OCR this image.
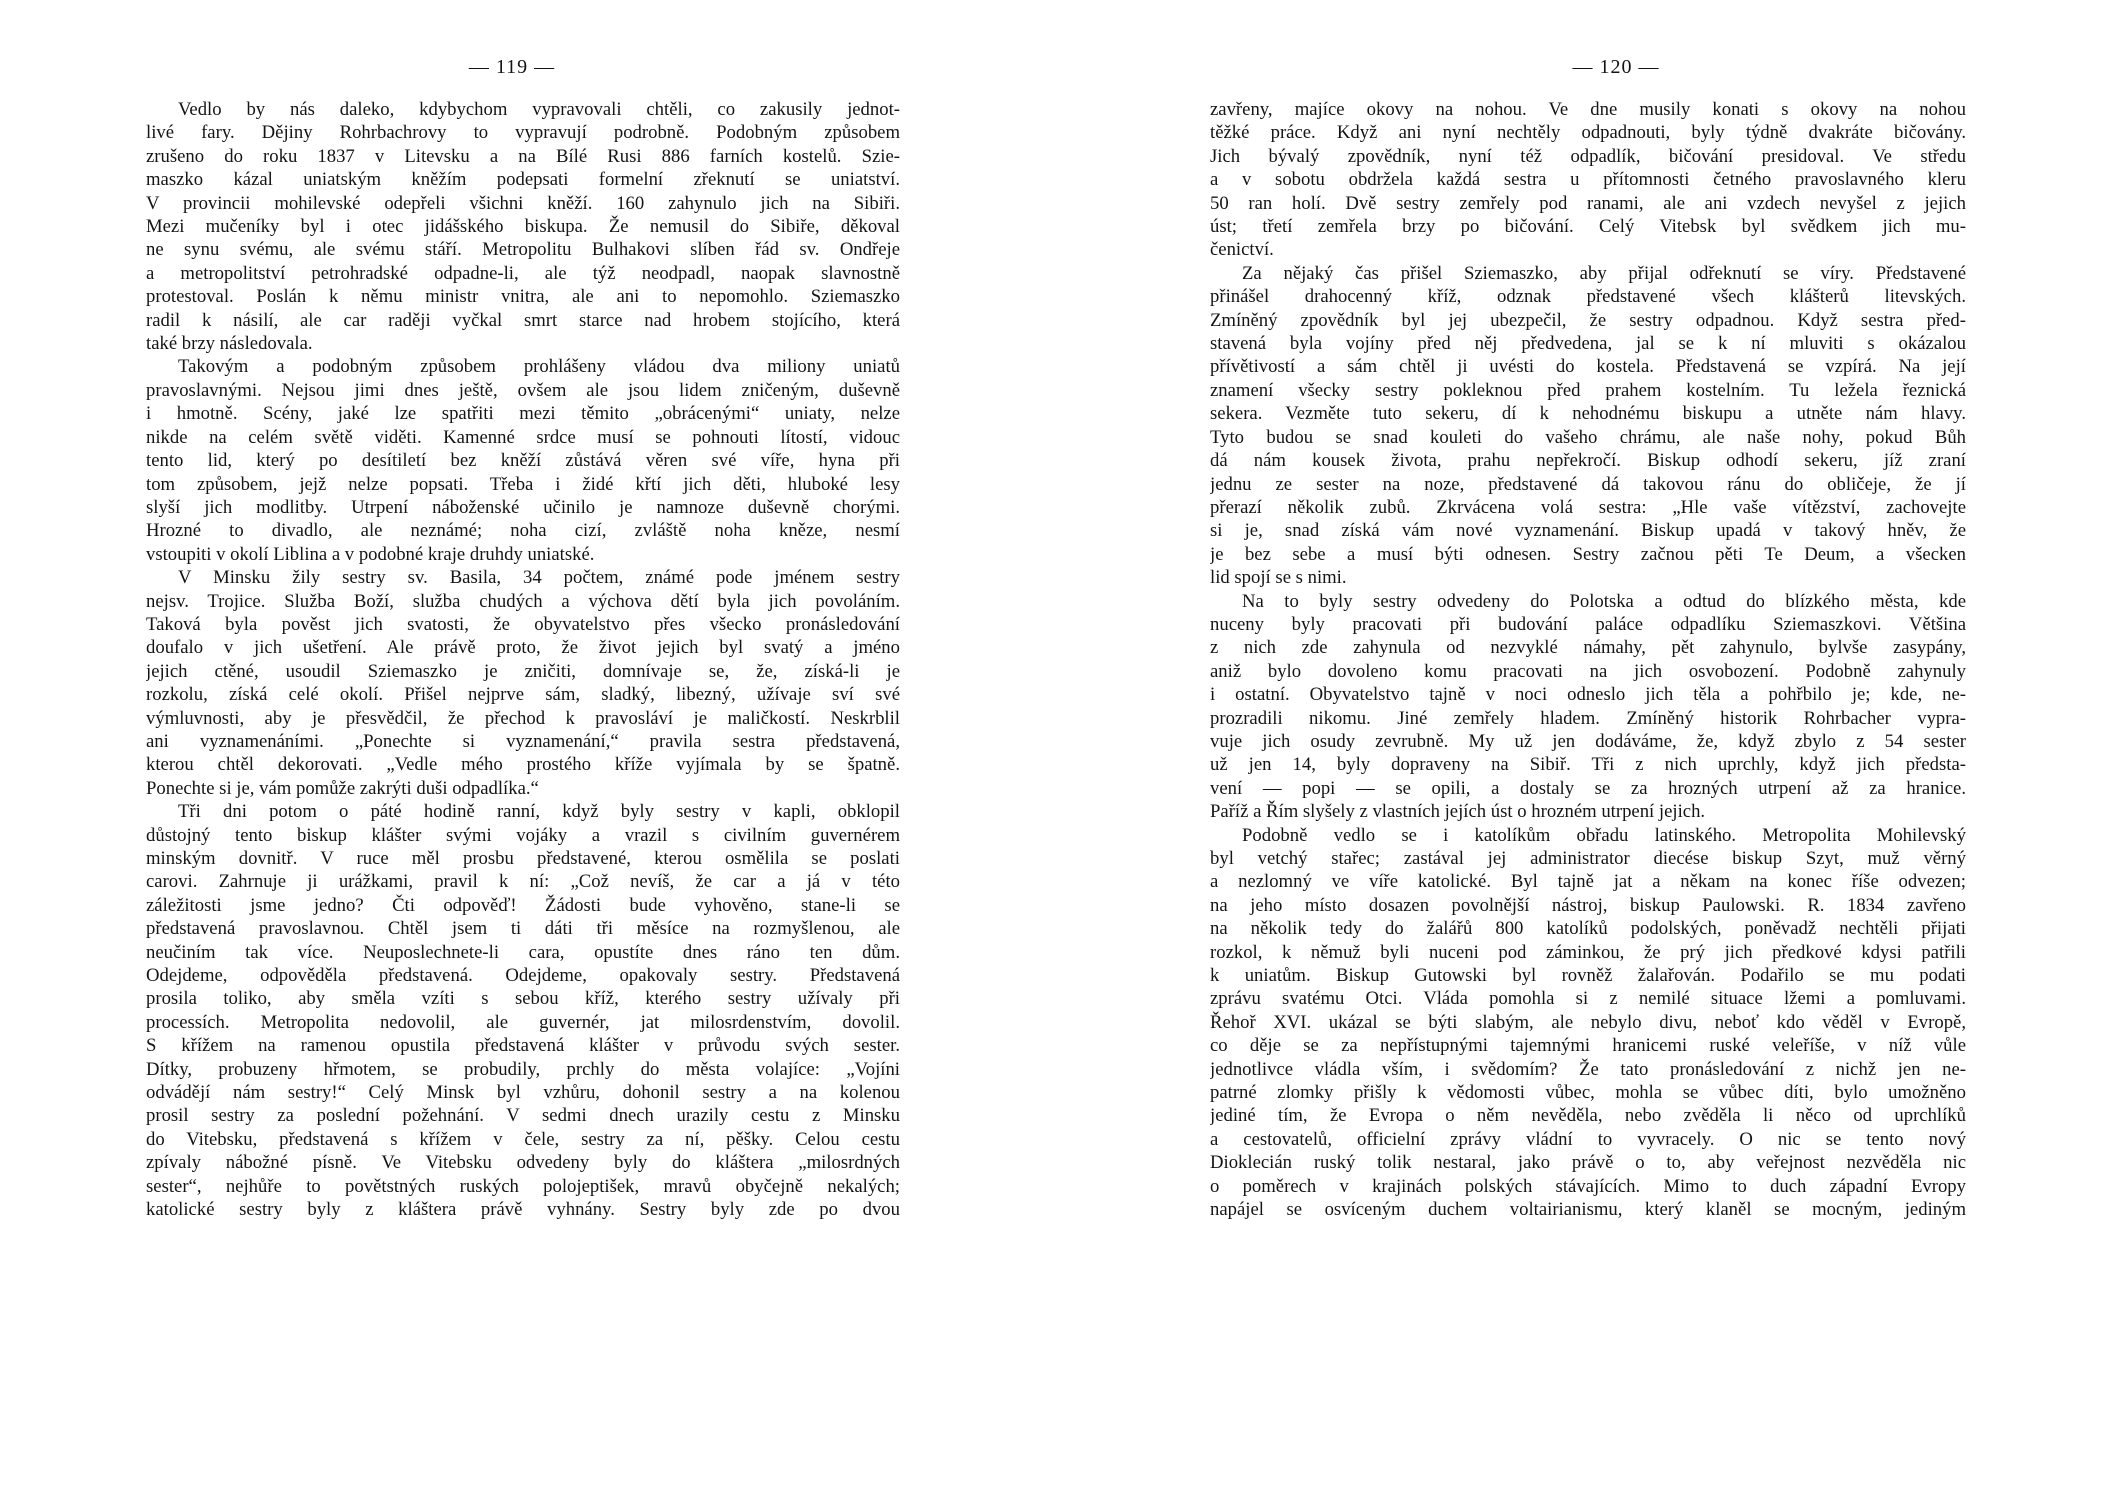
— 119 —
Vedlo by nás daleko, kdybychom vypravovali chtěli, co zakusily jednot-
livé fary. Dějiny Rohrbachrovy to vypravují podrobně. Podobným způsobem
zrušeno do roku 1837 v Litevsku a na Bílé Rusi 886 farních kostelů. Szie-
maszko kázal uniatským kněžím podepsati formelní zřeknutí se uniatství.
V provincii mohilevské odepřeli všichni kněží. 160 zahynulo jich na Sibiři.
Mezi mučeníky byl i otec jidášského biskupa. Že nemusil do Sibiře, děkoval
ne synu svému, ale svému stáří. Metropolitu Bulhakovi slíben řád sv. Ondřeje
a metropolitství petrohradské odpadne-li, ale týž neodpadl, naopak slavnostně
protestoval. Poslán k němu ministr vnitra, ale ani to nepomohlo. Sziemaszko
radil k násilí, ale car raději vyčkal smrt starce nad hrobem stojícího, která
také brzy následovala.
Takovým a podobným způsobem prohlášeny vládou dva miliony uniatů
pravoslavnými. Nejsou jimi dnes ještě, ovšem ale jsou lidem zničeným, duševně
i hmotně. Scény, jaké lze spatřiti mezi těmito „obrácenými“ uniaty, nelze
nikde na celém světě viděti. Kamenné srdce musí se pohnouti lítostí, vidouc
tento lid, který po desítiletí bez kněží zůstává věren své víře, hyna při
tom způsobem, jejž nelze popsati. Třeba i židé křtí jich děti, hluboké lesy
slyší jich modlitby. Utrpení náboženské učinilo je namnoze duševně chorými.
Hrozné to divadlo, ale neznámé; noha cizí, zvláště noha kněze, nesmí
vstoupiti v okolí Liblina a v podobné kraje druhdy uniatské.
V Minsku žily sestry sv. Basila, 34 počtem, známé pode jménem sestry
nejsv. Trojice. Služba Boží, služba chudých a výchova dětí byla jich povoláním.
Taková byla pověst jich svatosti, že obyvatelstvo přes všecko pronásledování
doufalo v jich ušetření. Ale právě proto, že život jejich byl svatý a jméno
jejich ctěné, usoudil Sziemaszko je zničiti, domnívaje se, že, získá-li je
rozkolu, získá celé okolí. Přišel nejprve sám, sladký, libezný, užívaje sví své
výmluvnosti, aby je přesvědčil, že přechod k pravosláví je maličkostí. Neskrblil
ani vyznamenáními. „Ponechte si vyznamenání,“ pravila sestra představená,
kterou chtěl dekorovati. „Vedle mého prostého kříže vyjímala by se špatně.
Ponechte si je, vám pomůže zakrýti duši odpadlíka.“
Tři dni potom o páté hodině ranní, když byly sestry v kapli, obklopil
důstojný tento biskup klášter svými vojáky a vrazil s civilním guvernérem
minským dovnitř. V ruce měl prosbu představené, kterou osmělila se poslati
carovi. Zahrnuje ji urážkami, pravil k ní: „Což nevíš, že car a já v této
záležitosti jsme jedno? Čti odpověď! Žádosti bude vyhověno, stane-li se
představená pravoslavnou. Chtěl jsem ti dáti tři měsíce na rozmyšlenou, ale
neučiním tak více. Neuposlechnete-li cara, opustíte dnes ráno ten dům.
Odejdeme, odpověděla představená. Odejdeme, opakovaly sestry. Představená
prosila toliko, aby směla vzíti s sebou kříž, kterého sestry užívaly při
processích. Metropolita nedovolil, ale guvernér, jat milosrdenstvím, dovolil.
S křížem na ramenou opustila představená klášter v průvodu svých sester.
Dítky, probuzeny hřmotem, se probudily, prchly do města volajíce: „Vojíni
odvádějí nám sestry!“ Celý Minsk byl vzhůru, dohonil sestry a na kolenou
prosil sestry za poslední požehnání. V sedmi dnech urazily cestu z Minsku
do Vitebsku, představená s křížem v čele, sestry za ní, pěšky. Celou cestu
zpívaly nábožné písně. Ve Vitebsku odvedeny byly do kláštera „milosrdných
sester“, nejhůře to povětstných ruských polojeptišek, mravů obyčejně nekalých;
katolické sestry byly z kláštera právě vyhnány. Sestry byly zde po dvou
— 120 —
zavřeny, majíce okovy na nohou. Ve dne musily konati s okovy na nohou
těžké práce. Když ani nyní nechtěly odpadnouti, byly týdně dvakráte bičovány.
Jich bývalý zpovědník, nyní též odpadlík, bičování presidoval. Ve středu
a v sobotu obdržela každá sestra u přítomnosti četného pravoslavného kleru
50 ran holí. Dvě sestry zemřely pod ranami, ale ani vzdech nevyšel z jejich
úst; třetí zemřela brzy po bičování. Celý Vitebsk byl svědkem jich mu-
čenictví.
Za nějaký čas přišel Sziemaszko, aby přijal odřeknutí se víry. Představené
přinášel drahocenný kříž, odznak představené všech klášterů litevských.
Zmíněný zpovědník byl jej ubezpečil, že sestry odpadnou. Když sestra před-
stavená byla vojíny před něj předvedena, jal se k ní mluviti s okázalou
přívětivostí a sám chtěl ji uvésti do kostela. Představená se vzpírá. Na její
znamení všecky sestry pokleknou před prahem kostelním. Tu ležela řeznická
sekera. Vezměte tuto sekeru, dí k nehodnému biskupu a utněte nám hlavy.
Tyto budou se snad kouleti do vašeho chrámu, ale naše nohy, pokud Bůh
dá nám kousek života, prahu nepřekročí. Biskup odhodí sekeru, jíž zraní
jednu ze sester na noze, představené dá takovou ránu do obličeje, že jí
přerazí několik zubů. Zkrvácena volá sestra: „Hle vaše vítězství, zachovejte
si je, snad získá vám nové vyznamenání. Biskup upadá v takový hněv, že
je bez sebe a musí býti odnesen. Sestry začnou pěti Te Deum, a všecken
lid spojí se s nimi.
Na to byly sestry odvedeny do Polotska a odtud do blízkého města, kde
nuceny byly pracovati při budování paláce odpadlíku Sziemaszkovi. Většina
z nich zde zahynula od nezvyklé námahy, pět zahynulo, bylvše zasypány,
aniž bylo dovoleno komu pracovati na jich osvobození. Podobně zahynuly
i ostatní. Obyvatelstvo tajně v noci odneslo jich těla a pohřbilo je; kde, ne-
prozradili nikomu. Jiné zemřely hladem. Zmíněný historik Rohrbacher vypra-
vuje jich osudy zevrubně. My už jen dodáváme, že, když zbylo z 54 sester
už jen 14, byly dopraveny na Sibiř. Tři z nich uprchly, když jich předsta-
vení — popi — se opili, a dostaly se za hrozných utrpení až za hranice.
Paříž a Řím slyšely z vlastních jejích úst o hrozném utrpení jejich.
Podobně vedlo se i katolíkům obřadu latinského. Metropolita Mohilevský
byl vetchý stařec; zastával jej administrator diecése biskup Szyt, muž věrný
a nezlomný ve víře katolické. Byl tajně jat a někam na konec říše odvezen;
na jeho místo dosazen povolnější nástroj, biskup Paulowski. R. 1834 zavřeno
na několik tedy do žalářů 800 katolíků podolských, poněvadž nechtěli přijati
rozkol, k němuž byli nuceni pod záminkou, že prý jich předkové kdysi patřili
k uniatům. Biskup Gutowski byl rovněž žalařován. Podařilo se mu podati
zprávu svatému Otci. Vláda pomohla si z nemilé situace lžemi a pomluvami.
Řehoř XVI. ukázal se býti slabým, ale nebylo divu, neboť kdo věděl v Evropě,
co děje se za nepřístupnými tajemnými hranicemi ruské veleříše, v níž vůle
jednotlivce vládla vším, i svědomím? Že tato pronásledování z nichž jen ne-
patrné zlomky přišly k vědomosti vůbec, mohla se vůbec díti, bylo umožněno
jediné tím, že Evropa o něm nevěděla, nebo zvěděla li něco od uprchlíků
a cestovatelů, officielní zprávy vládní to vyvracely. O nic se tento nový
Dioklecián ruský tolik nestaral, jako právě o to, aby veřejnost nezvěděla nic
o poměrech v krajinách polských stávajících. Mimo to duch západní Evropy
napájel se osvíceným duchem voltairianismu, který klaněl se mocným, jediným
